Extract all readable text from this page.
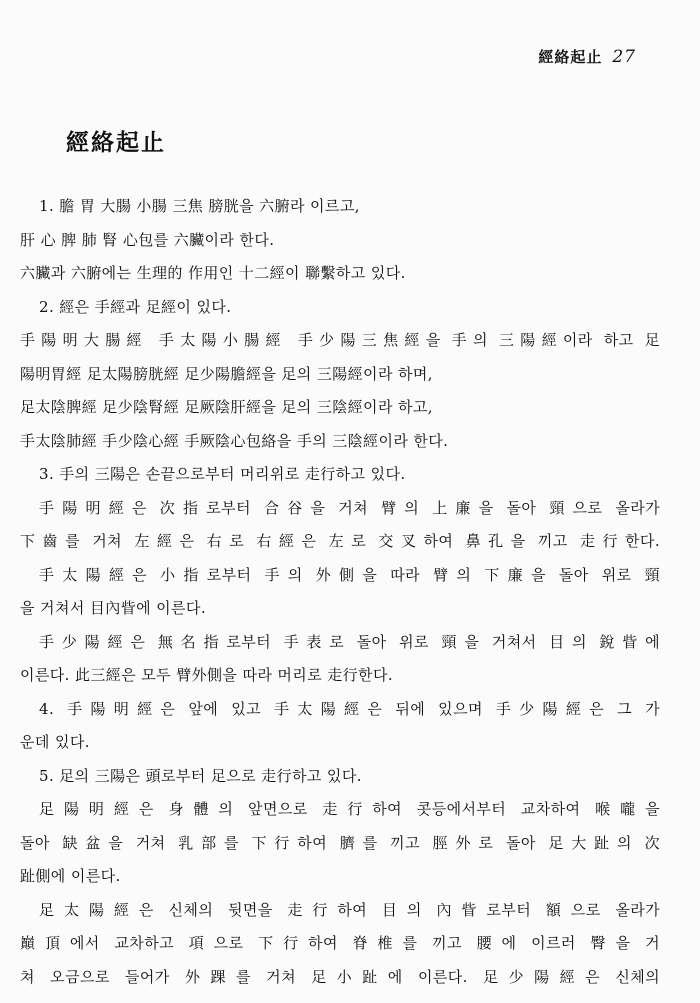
經絡起止 27
經絡起止
1. 膽 胃 大腸 小腸 三焦 膀胱을 六腑라 이르고,
肝 心 脾 肺 腎 心包를 六臟이라 한다.
六臟과 六腑에는 生理的 作用인 十二經이 聯繫하고 있다.
2. 經은 手經과 足經이 있다.
手陽明大腸經 手太陽小腸經 手少陽三焦經을 手의 三陽經이라 하고 足
陽明胃經 足太陽膀胱經 足少陽膽經을 足의 三陽經이라 하며,
足太陰脾經 足少陰腎經 足厥陰肝經을 足의 三陰經이라 하고,
手太陰肺經 手少陰心經 手厥陰心包絡을 手의 三陰經이라 한다.
3. 手의 三陽은 손끝으로부터 머리위로 走行하고 있다.
手陽明經은 次指로부터 合谷을 거쳐 臂의 上廉을 돌아 頸으로 올라가
下齒를 거쳐 左經은 右로 右經은 左로 交叉하여 鼻孔을 끼고 走行한다.
手太陽經은 小指로부터 手의 外側을 따라 臂의 下廉을 돌아 위로 頸
을 거쳐서 目內眥에 이른다.
手少陽經은 無名指로부터 手表로 돌아 위로 頸을 거쳐서 目의 銳眥에
이른다. 此三經은 모두 臂外側을 따라 머리로 走行한다.
4. 手陽明經은 앞에 있고 手太陽經은 뒤에 있으며 手少陽經은 그 가
운데 있다.
5. 足의 三陽은 頭로부터 足으로 走行하고 있다.
足陽明經은 身體의 앞면으로 走行하여 콧등에서부터 교차하여 喉嚨을
돌아 缺盆을 거쳐 乳部를 下行하여 臍를 끼고 脛外로 돌아 足大趾의 次
趾側에 이른다.
足太陽經은 신체의 뒷면을 走行하여 目의 內眥로부터 額으로 올라가
巔頂에서 교차하고 項으로 下行하여 脊椎를 끼고 腰에 이르러 臀을 거
쳐 오금으로 들어가 外踝를 거쳐 足小趾에 이른다. 足少陽經은 신체의
